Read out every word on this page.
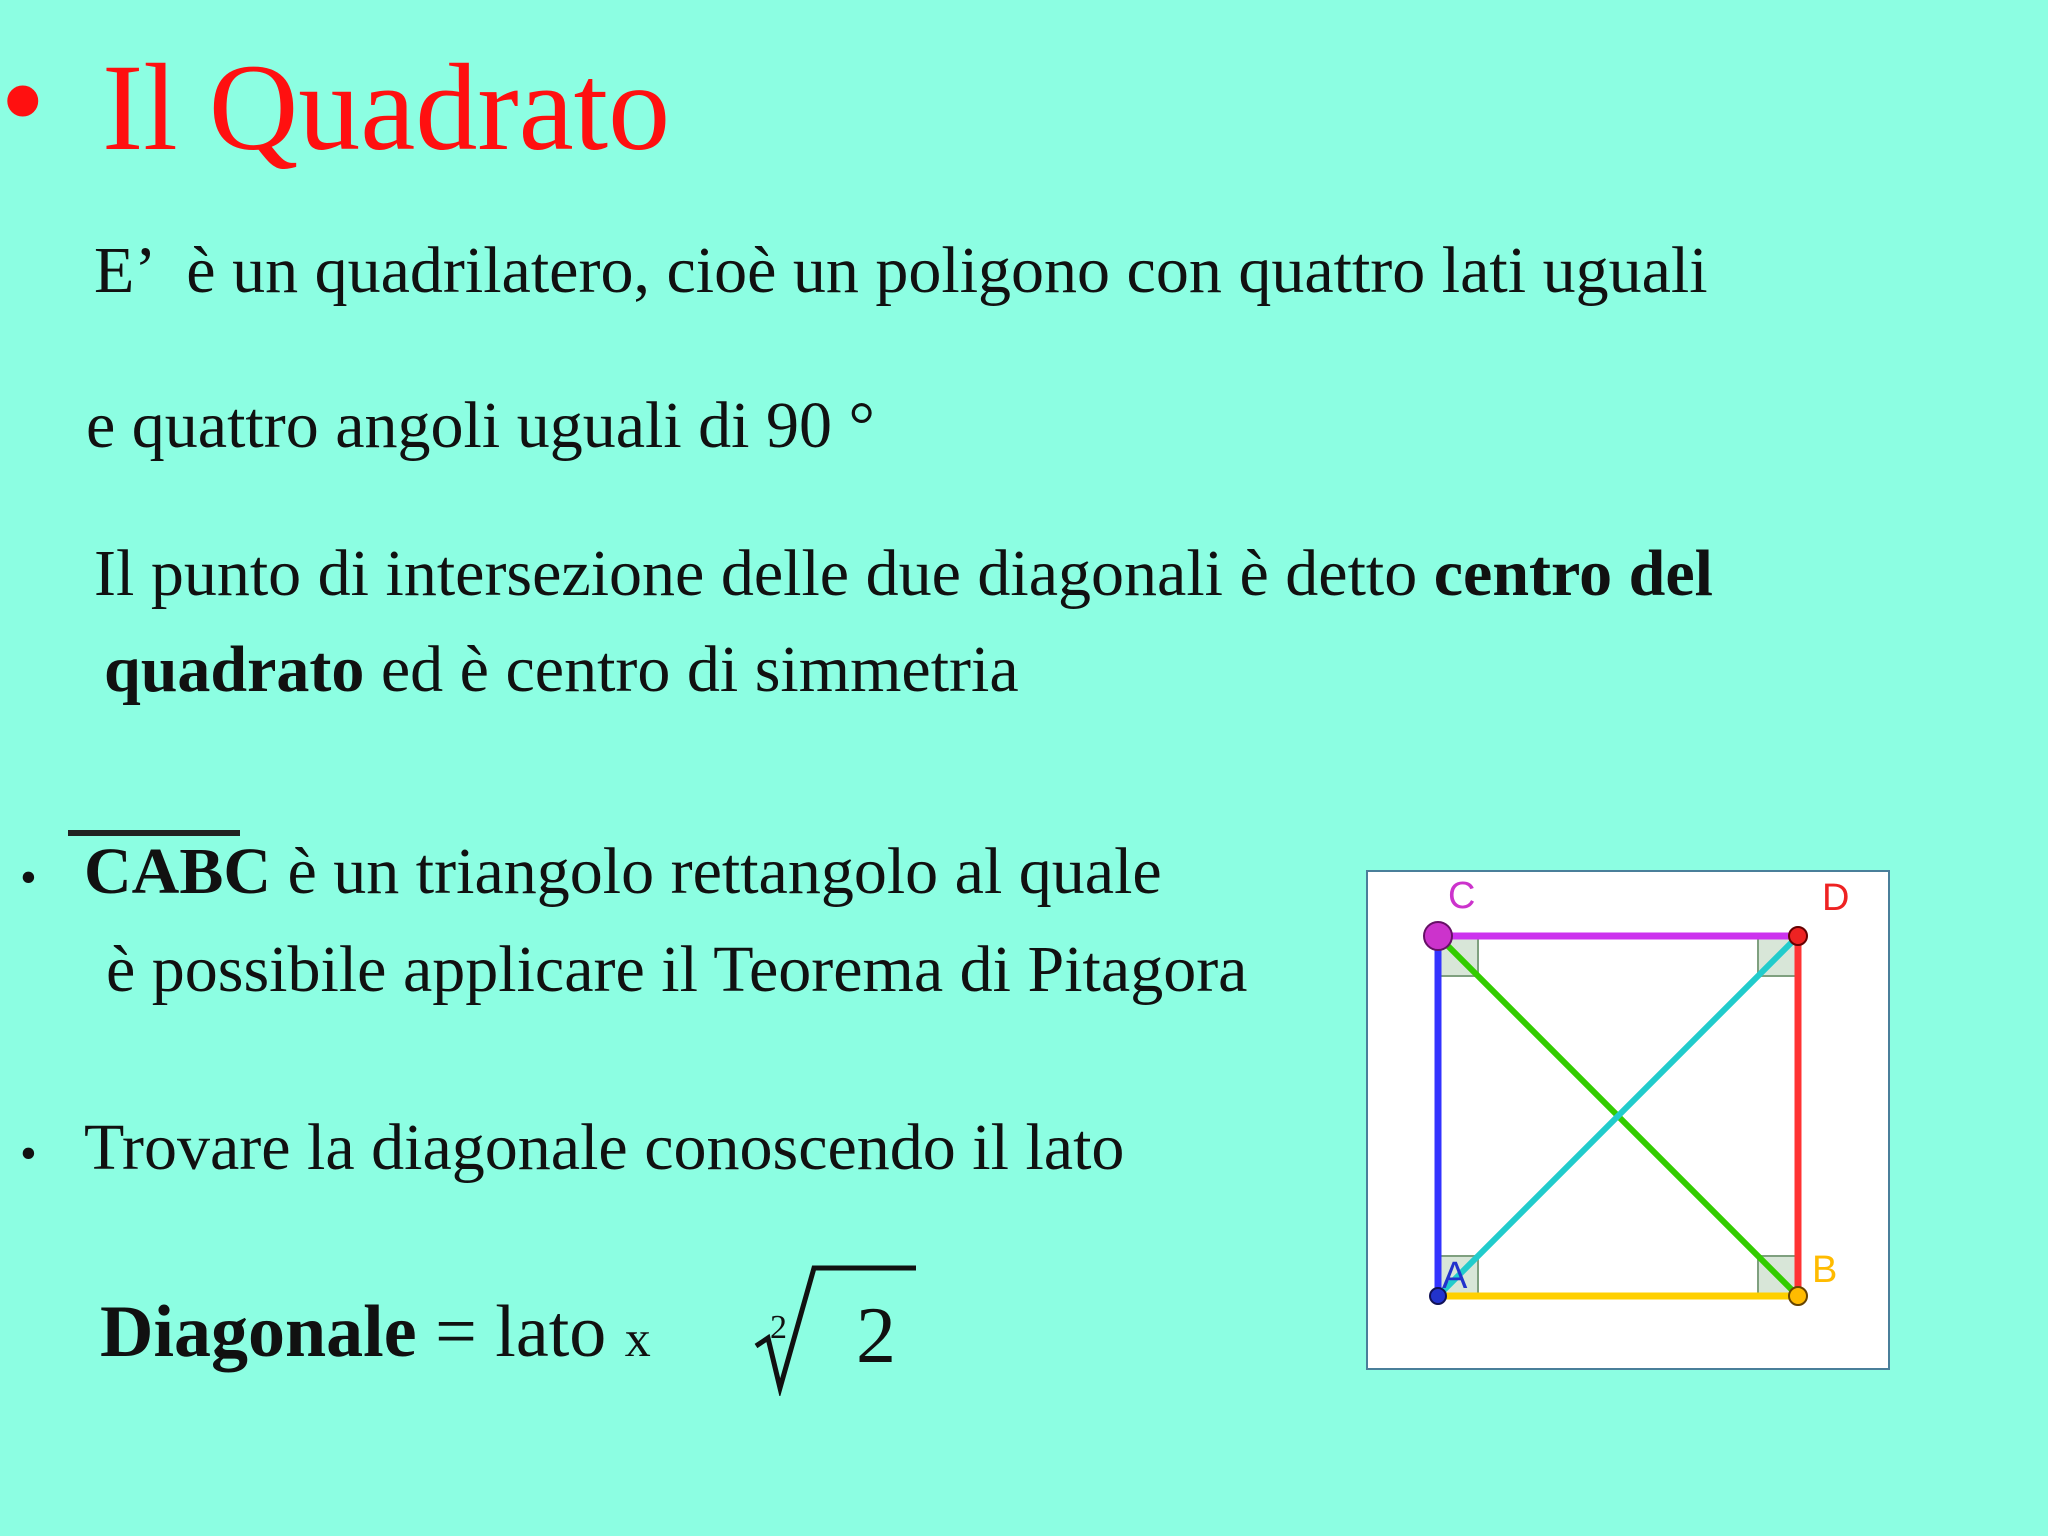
• Il Quadrato
E’ è un quadrilatero, cioè un poligono con quattro lati uguali
e quattro angoli uguali di 90 °
Il punto di intersezione delle due diagonali è detto centro del
quadrato ed è centro di simmetria
• CABC è un triangolo rettangolo al quale
è possibile applicare il Teorema di Pitagora
• Trovare la diagonale conoscendo il lato
Diagonale = lato x	2 2
C	D
A	B
